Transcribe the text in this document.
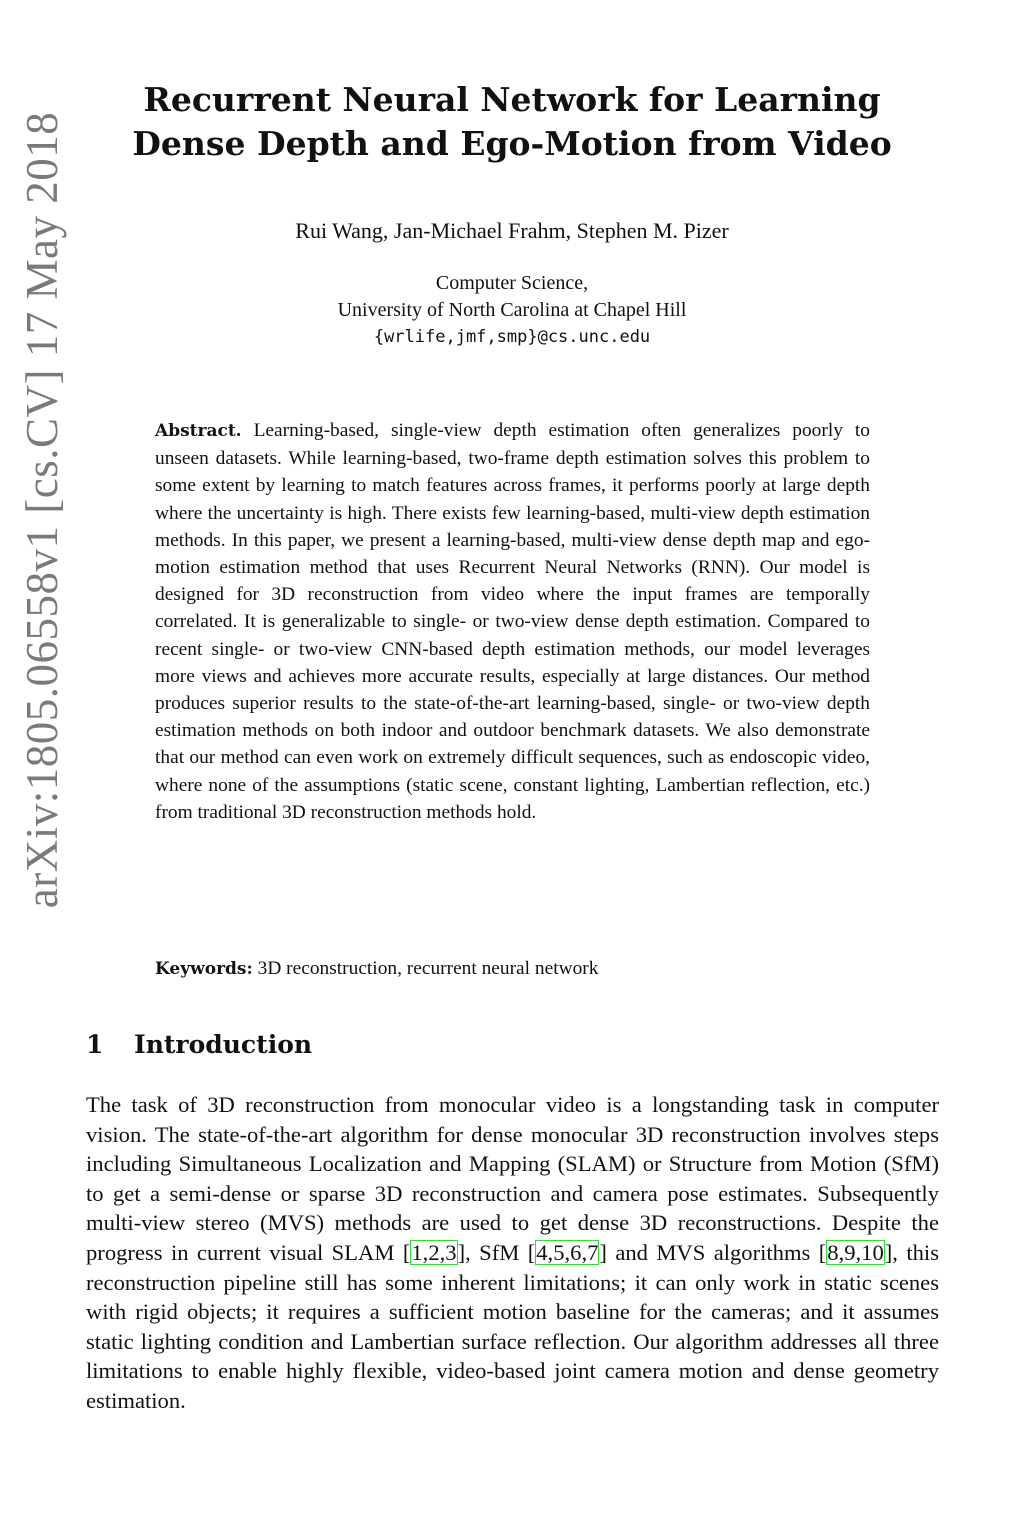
arXiv:1805.06558v1 [cs.CV] 17 May 2018
Recurrent Neural Network for Learning Dense Depth and Ego-Motion from Video
Rui Wang, Jan-Michael Frahm, Stephen M. Pizer
Computer Science,
University of North Carolina at Chapel Hill
{wrlife,jmf,smp}@cs.unc.edu
Abstract. Learning-based, single-view depth estimation often generalizes poorly to unseen datasets. While learning-based, two-frame depth estimation solves this problem to some extent by learning to match features across frames, it performs poorly at large depth where the uncertainty is high. There exists few learning-based, multi-view depth estimation methods. In this paper, we present a learning-based, multi-view dense depth map and ego-motion estimation method that uses Recurrent Neural Networks (RNN). Our model is designed for 3D reconstruction from video where the input frames are temporally correlated. It is generalizable to single- or two-view dense depth estimation. Compared to recent single- or two-view CNN-based depth estimation methods, our model leverages more views and achieves more accurate results, especially at large distances. Our method produces superior results to the state-of-the-art learning-based, single- or two-view depth estimation methods on both indoor and outdoor benchmark datasets. We also demonstrate that our method can even work on extremely difficult sequences, such as endoscopic video, where none of the assumptions (static scene, constant lighting, Lambertian reflection, etc.) from traditional 3D reconstruction methods hold.
Keywords: 3D reconstruction, recurrent neural network
1 Introduction
The task of 3D reconstruction from monocular video is a longstanding task in computer vision. The state-of-the-art algorithm for dense monocular 3D reconstruction involves steps including Simultaneous Localization and Mapping (SLAM) or Structure from Motion (SfM) to get a semi-dense or sparse 3D reconstruction and camera pose estimates. Subsequently multi-view stereo (MVS) methods are used to get dense 3D reconstructions. Despite the progress in current visual SLAM [1,2,3], SfM [4,5,6,7] and MVS algorithms [8,9,10], this reconstruction pipeline still has some inherent limitations; it can only work in static scenes with rigid objects; it requires a sufficient motion baseline for the cameras; and it assumes static lighting condition and Lambertian surface reflection. Our algorithm addresses all three limitations to enable highly flexible, video-based joint camera motion and dense geometry estimation.
